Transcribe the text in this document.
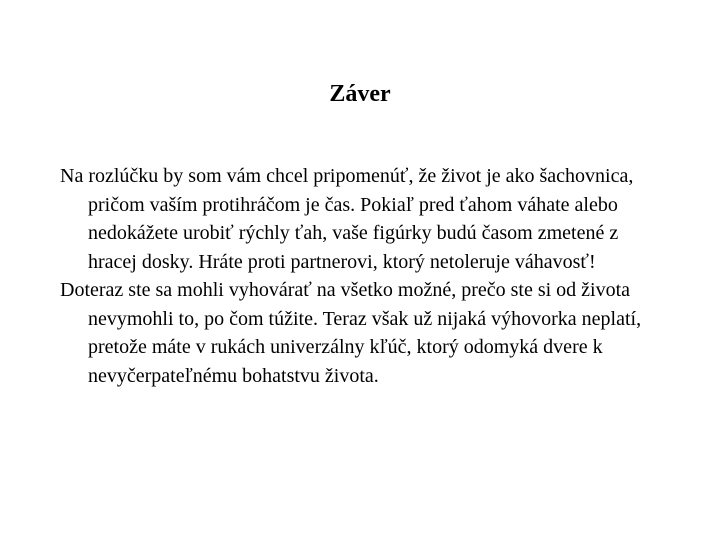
Záver

Na rozlúčku by som vám chcel pripomenúť, že život je ako šachovnica, pričom vaším protihráčom je čas. Pokiaľ pred ťahom váhate alebo nedokážete urobiť rýchly ťah, vaše figúrky budú časom zmetené z hracej dosky. Hráte proti partnerovi, ktorý netoleruje váhavosť!

Doteraz ste sa mohli vyhovárať na všetko možné, prečo ste si od života nevymohli to, po čom túžite. Teraz však už nijaká výhovorka neplatí, pretože máte v rukách univerzálny kľúč, ktorý odomyká dvere k nevyčerpateľnému bohatstvu života.
